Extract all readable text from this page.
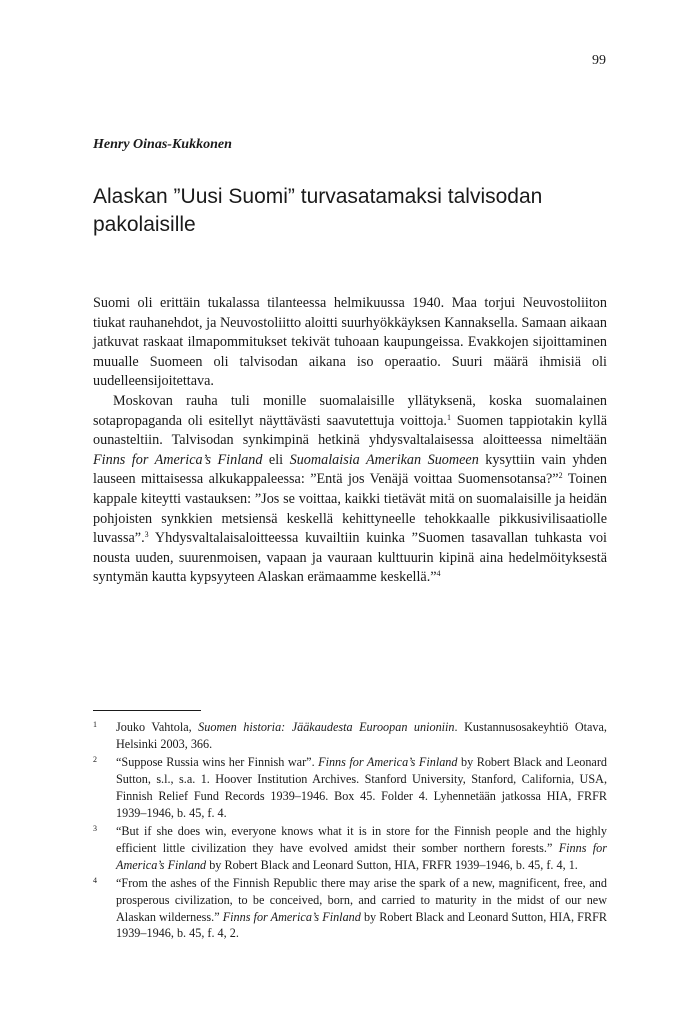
99
Henry Oinas-Kukkonen
Alaskan ”Uusi Suomi” turvasatamaksi talvisodan pakolaisille

Suomi oli erittäin tukalassa tilanteessa helmikuussa 1940. Maa torjui Neuvostoliiton tiukat rauhanehdot, ja Neuvostoliitto aloitti suurhyökkäyksen Kannaksella. Samaan aikaan jatkuvat raskaat ilmapommitukset tekivät tuhoaan kaupungeissa. Evakkojen sijoittaminen muualle Suomeen oli talvisodan aikana iso operaatio. Suuri määrä ihmisiä oli uudelleensijoitettava.

Moskovan rauha tuli monille suomalaisille yllätyksenä, koska suomalainen sotapropaganda oli esitellyt näyttävästi saavutettuja voittoja.$^1$ Suomen tappiotakin kyllä ounasteltiin. Talvisodan synkimpinä hetkinä yhdysvaltalaisessa aloitteessa nimeltään Finns for America’s Finland eli Suomalaisia Amerikan Suomeen kysyttiin vain yhden lauseen mittaisessa alkukappaleessa: ”Entä jos Venäjä voittaa Suomensotansa?”$^2$ Toinen kappale kiteytti vastauksen: ”Jos se voittaa, kaikki tietävät mitä on suomalaisille ja heidän pohjoisten synkkien metsiensä keskellä kehittyneelle tehokkaalle pikkusivilisaatiolle luvassa”.$^3$ Yhdysvaltalaisaloitteessa kuvailtiin kuinka ”Suomen tasavallan tuhkasta voi nousta uuden, suurenmoisen, vapaan ja vauraan kulttuurin kipinä aina hedelmöityksestä syntymän kautta kypsyyteen Alaskan erämaamme keskellä.”$^4$

1	Jouko Vahtola, Suomen historia: Jääkaudesta Euroopan unioniin. Kustannusosakeyhtiö Otava, Helsinki 2003, 366.
2	“Suppose Russia wins her Finnish war”. Finns for America’s Finland by Robert Black and Leonard Sutton, s.l., s.a. 1. Hoover Institution Archives. Stanford University, Stanford, California, USA, Finnish Relief Fund Records 1939–1946. Box 45. Folder 4. Lyhennetään jatkossa HIA, FRFR 1939–1946, b. 45, f. 4.
3	“But if she does win, everyone knows what it is in store for the Finnish people and the highly efficient little civilization they have evolved amidst their somber northern forests.” Finns for America’s Finland by Robert Black and Leonard Sutton, HIA, FRFR 1939–1946, b. 45, f. 4, 1.
4	“From the ashes of the Finnish Republic there may arise the spark of a new, magnificent, free, and prosperous civilization, to be conceived, born, and carried to maturity in the midst of our new Alaskan wilderness.” Finns for America’s Finland by Robert Black and Leonard Sutton, HIA, FRFR 1939–1946, b. 45, f. 4, 2.
